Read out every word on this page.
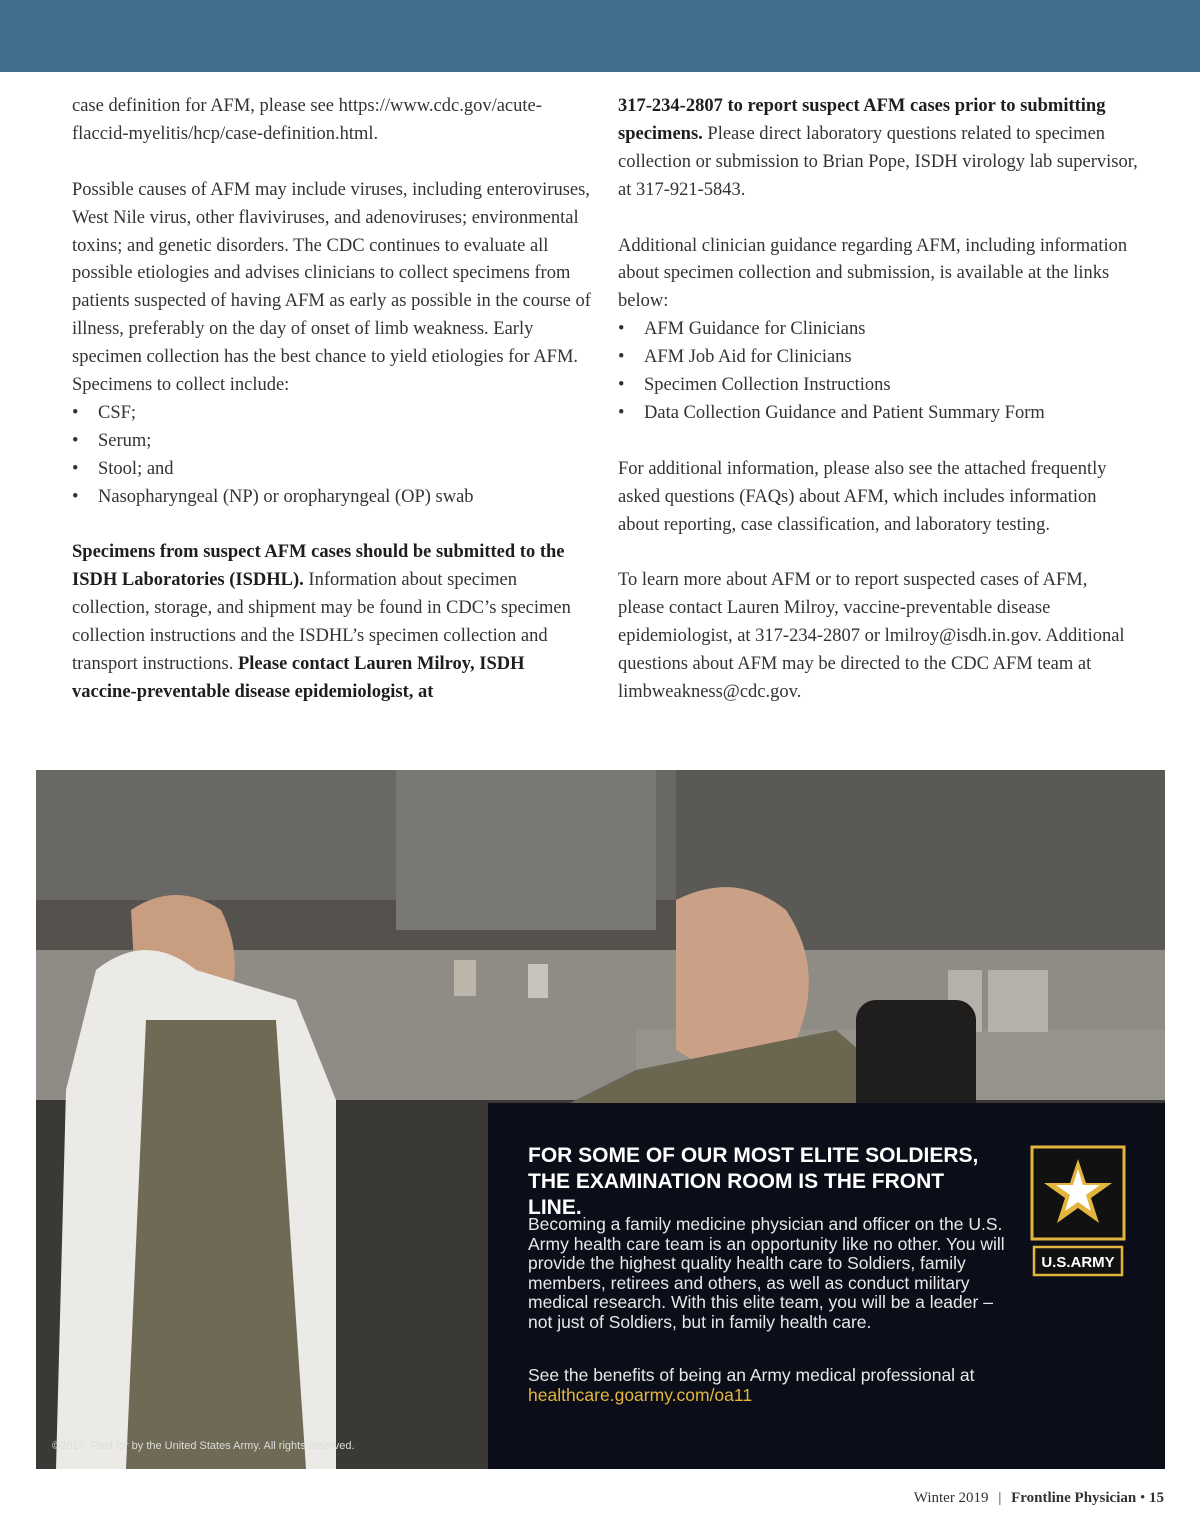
case definition for AFM, please see https://www.cdc.gov/acute-flaccid-myelitis/hcp/case-definition.html.

Possible causes of AFM may include viruses, including enteroviruses, West Nile virus, other flaviviruses, and adenoviruses; environmental toxins; and genetic disorders. The CDC continues to evaluate all possible etiologies and advises clinicians to collect specimens from patients suspected of having AFM as early as possible in the course of illness, preferably on the day of onset of limb weakness. Early specimen collection has the best chance to yield etiologies for AFM. Specimens to collect include:

• CSF;
• Serum;
• Stool; and
• Nasopharyngeal (NP) or oropharyngeal (OP) swab

Specimens from suspect AFM cases should be submitted to the ISDH Laboratories (ISDHL). Information about specimen collection, storage, and shipment may be found in CDC’s specimen collection instructions and the ISDHL’s specimen collection and transport instructions. Please contact Lauren Milroy, ISDH vaccine-preventable disease epidemiologist, at

317-234-2807 to report suspect AFM cases prior to submitting specimens. Please direct laboratory questions related to specimen collection or submission to Brian Pope, ISDH virology lab supervisor, at 317-921-5843.

Additional clinician guidance regarding AFM, including information about specimen collection and submission, is available at the links below:

• AFM Guidance for Clinicians
• AFM Job Aid for Clinicians
• Specimen Collection Instructions
• Data Collection Guidance and Patient Summary Form

For additional information, please also see the attached frequently asked questions (FAQs) about AFM, which includes information about reporting, case classification, and laboratory testing.

To learn more about AFM or to report suspected cases of AFM, please contact Lauren Milroy, vaccine-preventable disease epidemiologist, at 317-234-2807 or lmilroy@isdh.in.gov. Additional questions about AFM may be directed to the CDC AFM team at limbweakness@cdc.gov.

FOR SOME OF OUR MOST ELITE SOLDIERS,
THE EXAMINATION ROOM IS THE FRONT LINE.
Becoming a family medicine physician and officer on the U.S. Army health care team is an opportunity like no other. You will provide the highest quality health care to Soldiers, family members, retirees and others, as well as conduct military medical research. With this elite team, you will be a leader – not just of Soldiers, but in family health care.
See the benefits of being an Army medical professional at healthcare.goarmy.com/oa11
U.S.ARMY
©2017. Paid for by the United States Army. All rights reserved.
Winter 2019 | Frontline Physician • 15
